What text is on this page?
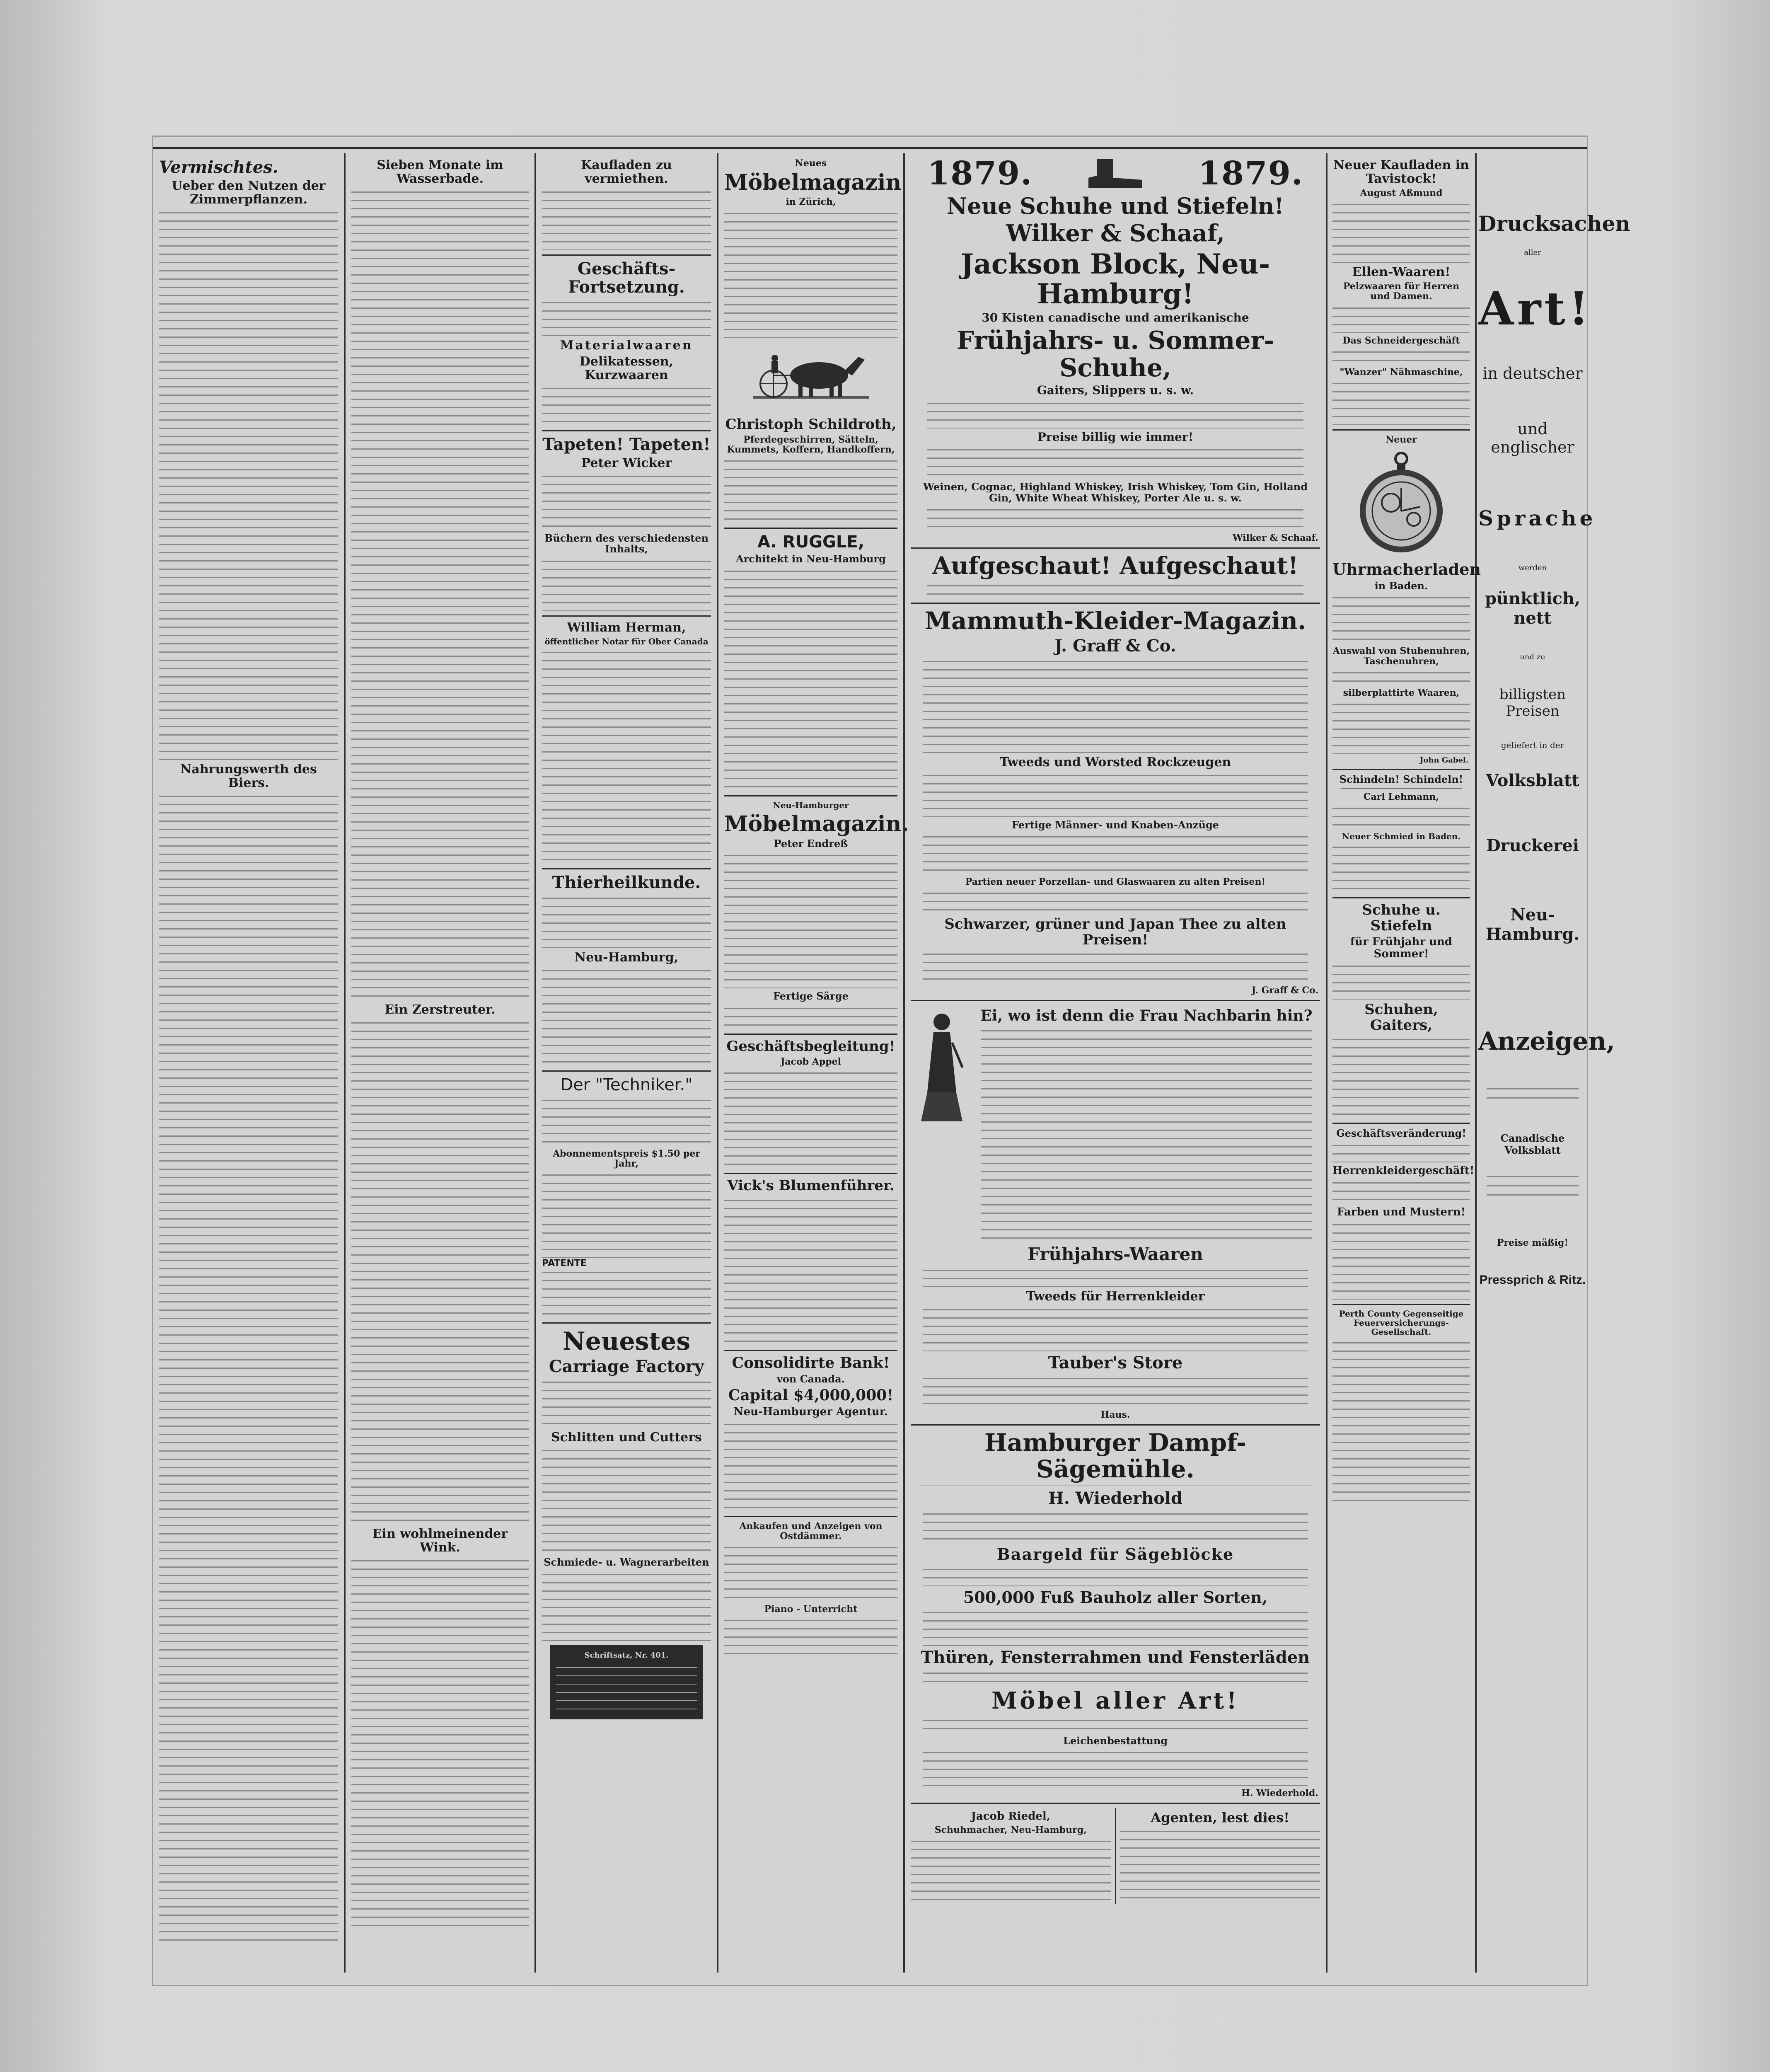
Vermischtes.
Ueber den Nutzen der Zimmerpflanzen.
Nahrungswerth des Biers.
Sieben Monate im Wasserbade.
Ein Zerstreuter.
Ein wohlmeinender Wink.
Kaufladen zu vermiethen.
Geschäfts-Fortsetzung.
Materialwaaren
Delikatessen, Kurzwaaren
Tapeten! Tapeten!
Peter Wicker
Büchern des verschiedensten Inhalts,
William Herman,
öffentlicher Notar für Ober Canada
Thierheilkunde.
Neu-Hamburg,
Der "Techniker."
Abonnementspreis $1.50 per Jahr,
PATENTE
Neuestes
Carriage Factory
Schlitten und Cutters
Schmiede- u. Wagnerarbeiten
Schriftsatz, Nr. 401.
Neues
Möbelmagazin
in Zürich,
Christoph Schildroth,
Pferdegeschirren, Sätteln, Kummets, Koffern, Handkoffern,
A. RUGGLE,
Architekt in Neu-Hamburg
Neu-Hamburger
Möbelmagazin.
Peter Endreß
Fertige Särge
Geschäftsbegleitung!
Jacob Appel
Vick's Blumenführer.
Consolidirte Bank!
von Canada.
Capital $4,000,000!
Neu-Hamburger Agentur.
Ankaufen und Anzeigen von Ostdämmer.
Piano - Unterricht
1879.	1879.
Neue Schuhe und Stiefeln!
Wilker & Schaaf,
Jackson Block, Neu-Hamburg!
30 Kisten canadische und amerikanische
Frühjahrs- u. Sommer-Schuhe,
Gaiters, Slippers u. s. w.
Preise billig wie immer!
Weinen, Cognac, Highland Whiskey, Irish Whiskey, Tom Gin, Holland Gin, White Wheat Whiskey, Porter Ale u. s. w.
Wilker & Schaaf.
Aufgeschaut! Aufgeschaut!
Mammuth-Kleider-Magazin.
J. Graff & Co.
Tweeds und Worsted Rockzeugen
Fertige Männer- und Knaben-Anzüge
Partien neuer Porzellan- und Glaswaaren zu alten Preisen!
Schwarzer, grüner und Japan Thee zu alten Preisen!
J. Graff & Co.
Ei, wo ist denn die Frau Nachbarin hin?
Frühjahrs-Waaren
Tweeds für Herrenkleider
Tauber's Store
Haus.
Hamburger Dampf-Sägemühle.
H. Wiederhold
Baargeld für Sägeblöcke
500,000 Fuß Bauholz aller Sorten,
Thüren, Fensterrahmen und Fensterläden
Möbel aller Art!
Leichenbestattung
H. Wiederhold.
Jacob Riedel,
Schuhmacher, Neu-Hamburg,
Agenten, lest dies!
Neuer Kaufladen in Tavistock!
August Aßmund
Ellen-Waaren!
Pelzwaaren für Herren und Damen.
Das Schneidergeschäft
"Wanzer" Nähmaschine,
Neuer
Uhrmacherladen
in Baden.
Auswahl von Stubenuhren, Taschenuhren,
silberplattirte Waaren,
John Gabel.
Schindeln! Schindeln!
Carl Lehmann,
Neuer Schmied in Baden.
Schuhe u. Stiefeln
für Frühjahr und Sommer!
Schuhen, Gaiters,
Geschäftsveränderung!
Herrenkleidergeschäft!
Farben und Mustern!
Perth County Gegenseitige Feuerversicherungs-Gesellschaft.
Drucksachen
aller
Art!
in deutscher
und englischer
Sprache
werden
pünktlich, nett
und zu
billigsten Preisen
geliefert in der
Volksblatt
Druckerei
Neu-Hamburg.
Anzeigen,
Canadische Volksblatt
Preise mäßig!
Pressprich & Ritz.
